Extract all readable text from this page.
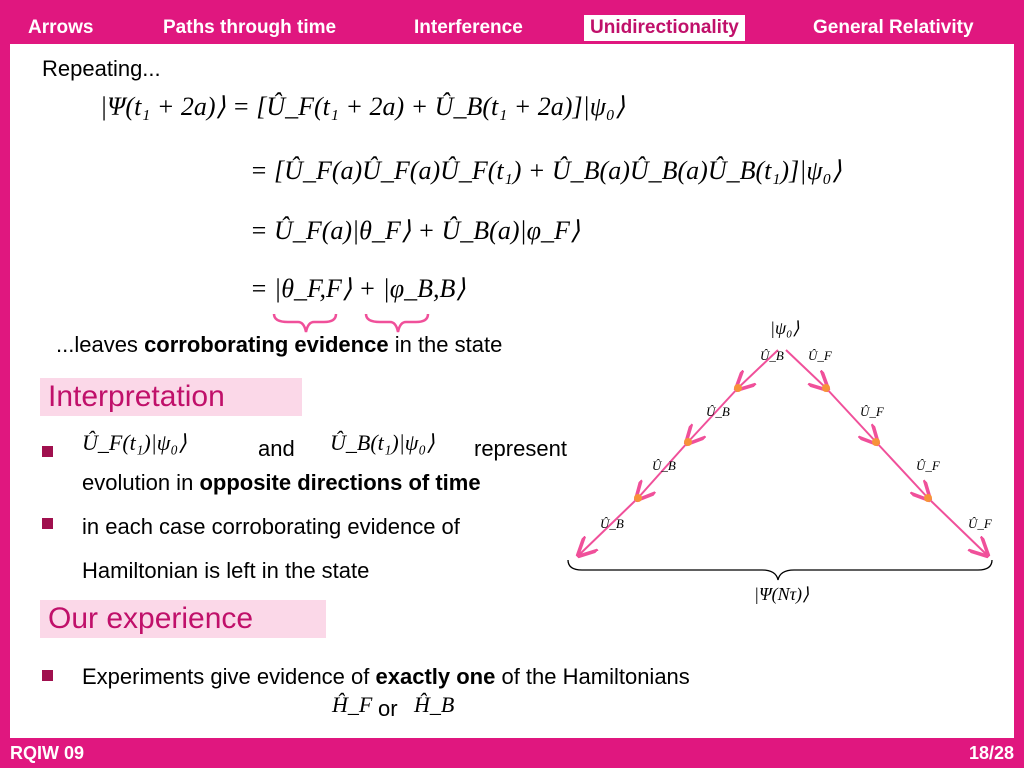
Arrows	Paths through time	Interference	Unidirectionality	General Relativity
Repeating...
|Ψ(t₁ + 2a)⟩ = [Û_F(t₁ + 2a) + Û_B(t₁ + 2a)]|ψ₀⟩
= [Û_F(a)Û_F(a)Û_F(t₁) + Û_B(a)Û_B(a)Û_B(t₁)]|ψ₀⟩
= Û_F(a)|θ_F⟩ + Û_B(a)|φ_F⟩
= |θ_F,F⟩ + |φ_B,B⟩
...leaves corroborating evidence in the state
Interpretation
Û_F(t₁)|ψ₀⟩	and Û_B(t₁)|ψ₀⟩ represent
evolution in opposite directions of time
in each case corroborating evidence of
Hamiltonian is left in the state
Our experience
Experiments give evidence of exactly one of the Hamiltonians
Ĥ_F or Ĥ_B
|ψ₀⟩
Û_B Û_F
Û_B	Û_F
Û_B	Û_F
Û_B	Û_F
|Ψ(Nτ)⟩
RQIW 09	18/28
